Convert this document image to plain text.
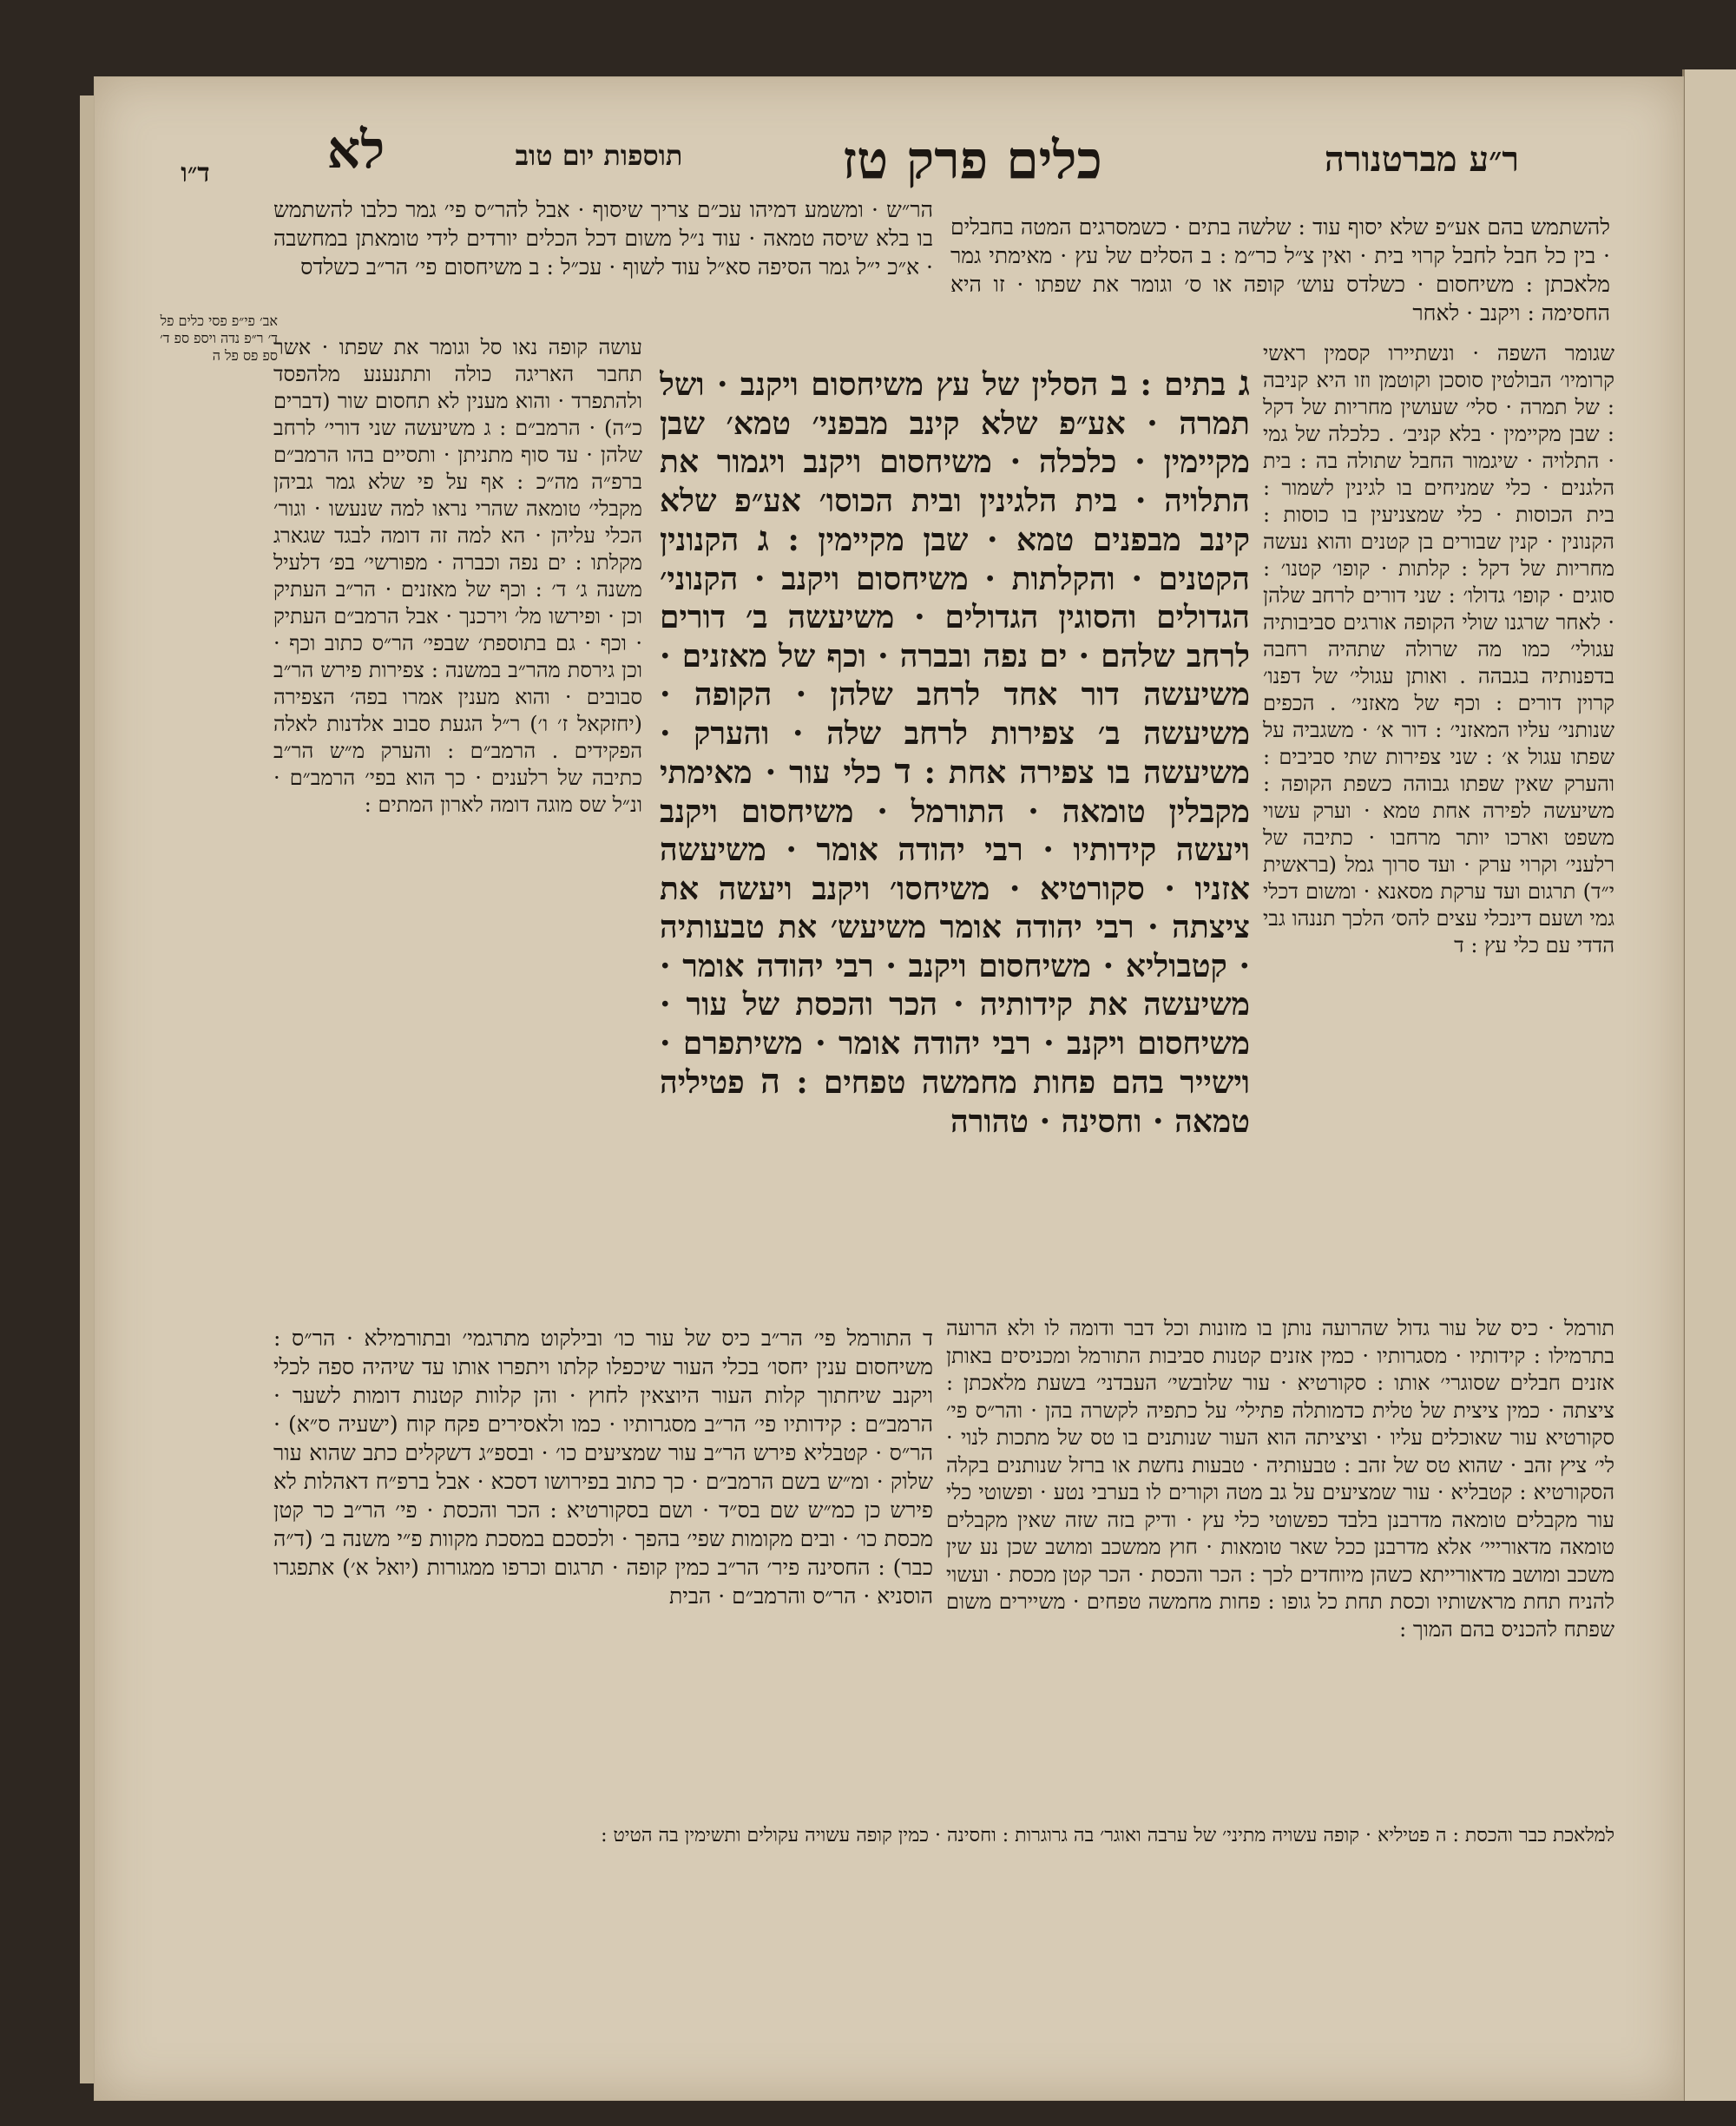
ר״ע מברטנורה
כלים פרק טז
תוספות יום טוב
לא
ד״ו
אב׳ פי״פ פסי כלים פל ד׳ ר״פ נדה ויספ ספ ד׳ ספ פס פל ה

להשתמש בהם אע״פ שלא יסוף עוד : שלשה בתים · כשמסרגים המטה בחבלים · בין כל חבל לחבל קרוי בית · ואין צ״ל כר״מ : ב הסלים של עץ · מאימתי גמר מלאכתן : משיחסום · כשלדס עוש׳ קופה או ס׳ וגומר את שפתו · זו היא החסימה : ויקנב · לאחר

הר״ש · ומשמע דמיהו עכ״ם צריך שיסוף · אבל להר״ס פי׳ גמר כלבו להשתמש בו בלא שיסה טמאה · עוד נ״ל משום דכל הכלים יורדים לידי טומאתן במחשבה · א״כ י״ל גמר הסיפה סא״ל עוד לשוף · עכ״ל : ב משיחסום פי׳ הר״ב כשלדס

שגומר השפה · ונשתיירו קסמין ראשי קרומיו׳ הבולטין סוסכן וקוטמן וזו היא קניבה : של תמרה · סלי׳ שעושין מחריות של דקל : שבן מקיימין · בלא קניב׳ . כלכלה של גמי · התלויה · שיגמור החבל שתולה בה : בית הלגנים · כלי שמניחים בו לגינין לשמור : בית הכוסות · כלי שמצניעין בו כוסות : הקנונין · קנין שבורים בן קטנים והוא נעשה מחריות של דקל : קלתות · קופו׳ קטנו׳ : סוגים · קופו׳ גדולו׳ : שני דורים לרחב שלהן · לאחר שרגנו שולי הקופה אורגים סביבותיה עגולי׳ כמו מה שרולה שתהיה רחבה בדפנותיה בגבהה . ואותן עגולי׳ של דפנו׳ קרוין דורים : וכף של מאזני׳ . הכפים שנותני׳ עליו המאזני׳ : דור א׳ · משגביה על שפתו עגול א׳ : שני צפירות שתי סביבים : והערק שאין שפתו גבוהה כשפת הקופה : משיעשה לפירה אחת טמא · וערק עשוי משפט וארכו יותר מרחבו · כתיבה של רלעני׳ וקרוי ערק · ועד סרוך גמל (בראשית י״ד) תרגום ועד ערקת מסאנא · ומשום דכלי גמי ושעם דינכלי עצים להס׳ הלכך תננהו גבי הדדי עם כלי עץ : ד

ג בתים : ב הסלין של עץ משיחסום ויקנב · ושל תמרה · אע״פ שלא קינב מבפני׳ טמא׳ שבן מקיימין · כלכלה · משיחסום ויקנב ויגמור את התלויה · בית הלגינין ובית הכוסו׳ אע״פ שלא קינב מבפנים טמא · שבן מקיימין : ג הקנונין הקטנים · והקלתות · משיחסום ויקנב · הקנוני׳ הגדולים והסוגין הגדולים · משיעשה ב׳ דורים לרחב שלהם · ים נפה ובברה · וכף של מאזנים · משיעשה דור אחד לרחב שלהן · הקופה · משיעשה ב׳ צפירות לרחב שלה · והערק · משיעשה בו צפירה אחת : ד כלי עור · מאימתי מקבלין טומאה · התורמל · משיחסום ויקנב ויעשה קידותיו · רבי יהודה אומר · משיעשה אזניו · סקורטיא · משיחסו׳ ויקנב ויעשה את ציצתה · רבי יהודה אומר משיעש׳ את טבעותיה · קטבוליא · משיחסום ויקנב · רבי יהודה אומר · משיעשה את קידותיה · הכר והכסת של עור · משיחסום ויקנב · רבי יהודה אומר · משיתפרם · וישייר בהם פחות מחמשה טפחים : ה פטיליה טמאה · וחסינה · טהורה

עושה קופה נאו סל וגומר את שפתו · אשר תחבר האריגה כולה ותתנענע מלהפסד ולהתפרד · והוא מענין לא תחסום שור (דברים כ״ה) · הרמב״ם : ג משיעשה שני דורי׳ לרחב שלהן · עד סוף מתניתן · ותסיים בהו הרמב״ם ברפ״ה מה״כ : אף על פי שלא גמר גביהן מקבלי׳ טומאה שהרי נראו למה שנעשו · וגור׳ הכלי עליהן · הא למה זה דומה לבגד שגארג מקלתו : ים נפה וכברה · מפורשי׳ בפ׳ דלעיל משנה ג׳ ד׳ : וכף של מאזנים · הר״ב העתיק וכן · ופירשו מל׳ וירכנך · אבל הרמב״ם העתיק · וכף · גם בתוספת׳ שבפי׳ הר״ס כתוב וכף · וכן גירסת מהר״ב במשנה : צפירות פירש הר״ב סבובים · והוא מענין אמרו בפה׳ הצפירה (יחזקאל ז׳ ו׳) ר״ל הגעת סבוב אלדנות לאלה הפקידים . הרמב״ם : והערק מ״ש הר״ב כתיבה של רלענים · כך הוא בפי׳ הרמב״ם · ונ״ל שס מוגה דומה לארון המתים :

תורמל · כיס של עור גדול שהרועה נותן בו מזונות וכל דבר ודומה לו ולא הרועה בתרמילו : קידותיו · מסגרותיו · כמין אזנים קטנות סביבות התורמל ומכניסים באותן אזנים חבלים שסוגרי׳ אותו : סקורטיא · עור שלובשי׳ העבדני׳ בשעת מלאכתן : ציצתה · כמין ציצית של טלית כדמותלה פתילי׳ על כתפיה לקשרה בהן · והר״ס פי׳ סקורטיא עור שאוכלים עליו · וציציתה הוא העור שנותנים בו טס של מתכות לנוי · לי׳ ציץ זהב · שהוא טס של זהב : טבעותיה · טבעות נחשת או ברזל שנותנים בקלה הסקורטיא : קטבליא · עור שמציעים על גב מטה וקורים לו בערבי נטע · ופשוטי כלי עור מקבלים טומאה מדרבנן בלבד כפשוטי כלי עץ · ודיק בזה שזה שאין מקבלים טומאה מדאורייי׳ אלא מדרבנן ככל שאר טומאות · חוץ ממשכב ומושב שכן נע שין משכב ומושב מדאורייתא כשהן מיוחדים לכך : הכר והכסת · הכר קטן מכסת · ועשוי להניח תחת מראשותיו וכסת תחת כל גופו : פחות מחמשה טפחים · משיירים משום שפתח להכניס בהם המוך :

ד התורמל פי׳ הר״ב כיס של עור כו׳ ובילקוט מתרגמי׳ ובתורמילא · הר״ס : משיחסום ענין יחסו׳ בכלי העור שיכפלו קלתו ויתפרו אותו עד שיהיה ספה לכלי ויקנב שיחתוך קלות העור היוצאין לחוץ · והן קלוות קטנות דומות לשער · הרמב״ם : קידותיו פי׳ הר״ב מסגרותיו · כמו ולאסירים פקח קוח (ישעיה ס״א) · הר״ס · קטבליא פירש הר״ב עור שמציעים כו׳ · ובספ״ג דשקלים כתב שהוא עור שלוק · ומ״ש בשם הרמב״ם · כך כתוב בפירושו דסכא · אבל ברפ״ח דאהלות לא פירש כן כמ״ש שם בס״ד · ושם בסקורטיא : הכר והכסת · פי׳ הר״ב כר קטן מכסת כו׳ · ובים מקומות שפי׳ בהפך · ולכסכם במסכת מקוות פ״י משנה ב׳ (ד״ה כבר) : החסינה פיר׳ הר״ב כמין קופה · תרגום וכרפו ממגורות (יואל א׳) אתפגרו הוסניא · הר״ס והרמב״ם · הבית

למלאכת כבר והכסת : ה פטיליא · קופה עשויה מתיני׳ של ערבה ואוגר׳ בה גרוגרות : וחסינה · כמין קופה עשויה עקולים ותשימין בה הטיט :
